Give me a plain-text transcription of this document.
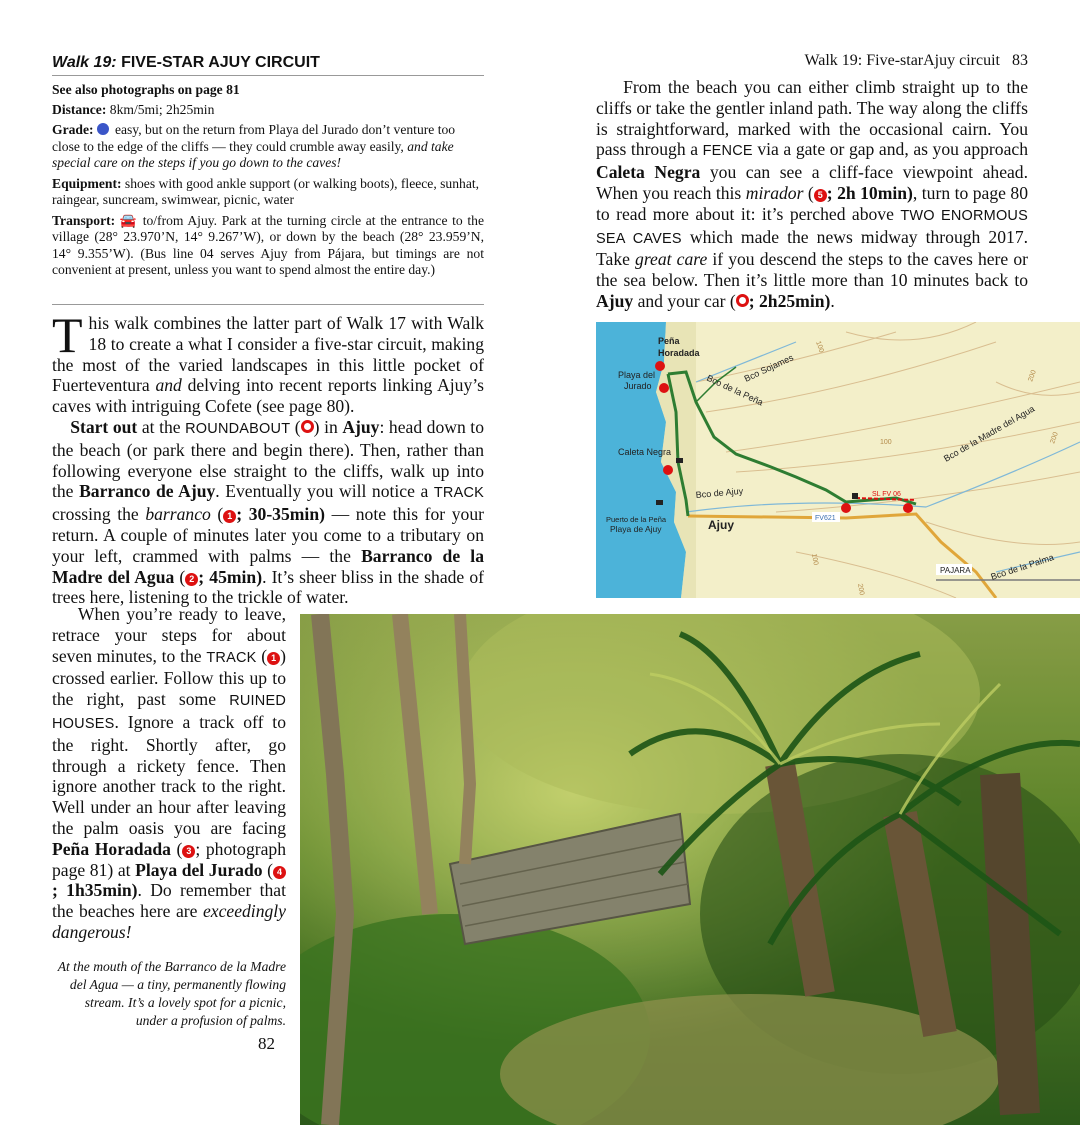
Walk 19: FIVE-STAR AJUY CIRCUIT
See also photographs on page 81
Distance: 8km/5mi; 2h25min
Grade: easy, but on the return from Playa del Jurado don’t venture too close to the edge of the cliffs — they could crumble away easily, and take special care on the steps if you go down to the caves!
Equipment: shoes with good ankle support (or walking boots), fleece, sunhat, raingear, suncream, swimwear, picnic, water
Transport: 🚘 to/from Ajuy. Park at the turning circle at the entrance to the village (28° 23.970’N, 14° 9.267’W), or down by the beach (28° 23.959’N, 14° 9.355’W). (Bus line 04 serves Ajuy from Pájara, but timings are not convenient at present, unless you want to spend almost the entire day.)
This walk combines the latter part of Walk 17 with Walk 18 to create a what I consider a five-star circuit, making the most of the varied landscapes in this little pocket of Fuerteventura and delving into recent reports linking Ajuy’s caves with intriguing Cofete (see page 80).
Start out at the ROUNDABOUT ( ) in Ajuy: head down to the beach (or park there and begin there). Then, rather than following everyone else straight to the cliffs, walk up into the Barranco de Ajuy. Eventually you will notice a TRACK crossing the barranco ( 1 ; 30-35min) — note this for your return. A couple of minutes later you come to a tributary on your left, crammed with palms — the Barranco de la Madre del Agua ( 2 ; 45min). It’s sheer bliss in the shade of trees here, listening to the trickle of water.
When you’re ready to leave, retrace your steps for about seven minutes, to the TRACK ( 1 ) crossed earlier. Follow this up to the right, past some RUINED HOUSES. Ignore a track off to the right. Shortly after, go through a rickety fence. Then ignore another track to the right. Well under an hour after leaving the palm oasis you are facing Peña Horadada ( 3 ; photograph page 81) at Playa del Jurado ( 4; 1h35min). Do remember that the beaches here are exceedingly dangerous!
At the mouth of the Barranco de la Madre del Agua — a tiny, permanently flowing stream. It’s a lovely spot for a picnic, under a profusion of palms.
82
Walk 19: Five-starAjuy circuit 83
From the beach you can either climb straight up to the cliffs or take the gentler inland path. The way along the cliffs is straightforward, marked with the occasional cairn. You pass through a FENCE via a gate or gap and, as you approach Caleta Negra you can see a cliff-face viewpoint ahead. When you reach this mirador ( 5 ; 2h 10min), turn to page 80 to read more about it: it’s perched above TWO ENORMOUS SEA CAVES which made the news midway through 2017. Take great care if you descend the steps to the caves here or the sea below. Then it’s little more than 10 minutes back to Ajuy and your car ( ; 2h25min).
Peña
Horadada
Playa del
Jurado
Caleta Negra
Bco de la Peña
Bco Sojames
Bco de Ajuy
Bco de la Madre del Agua
Bco de la Palma
Puerto de la Peña
Playa de Ajuy	Ajuy
SL FV 06
FV621
PAJARA
100
100	200
200
100
200
